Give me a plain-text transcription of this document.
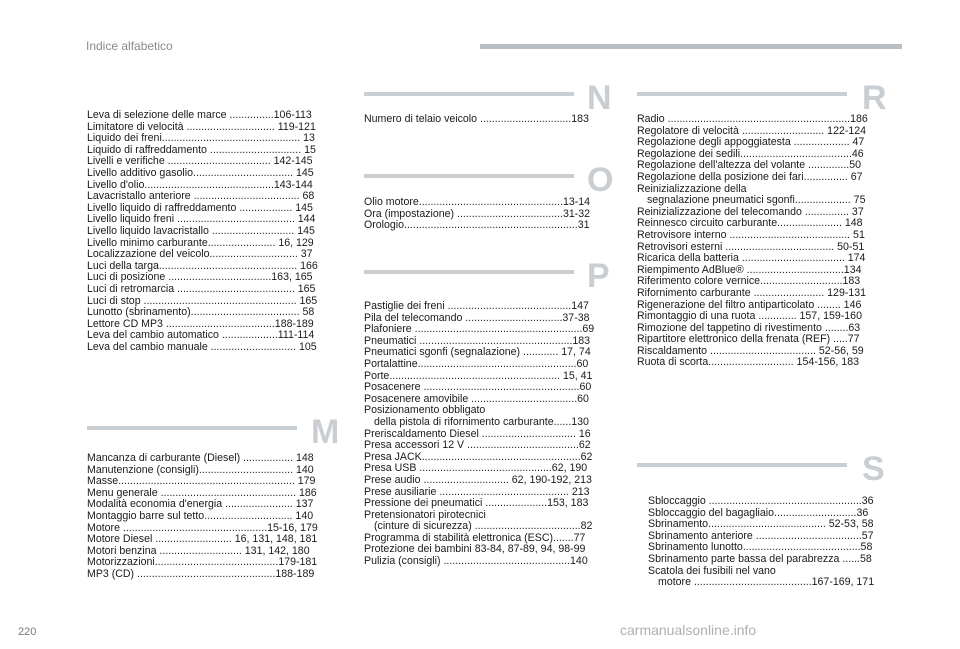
Indice alfabetico
Leva di selezione delle marce ...............106-113
Limitatore di velocità .............................. 119-121
Liquido dei freni............................................... 13
Liquido di raffreddamento ............................... 15
Livelli e verifiche ................................... 142-145
Livello additivo gasolio.................................. 145
Livello d'olio............................................143-144
Lavacristallo anteriore .................................... 68
Livello liquido di raffreddamento .................. 145
Livello liquido freni ........................................ 144
Livello liquido lavacristallo ............................ 145
Livello minimo carburante....................... 16, 129
Localizzazione del veicolo.............................. 37
Luci della targa............................................... 166
Luci di posizione ...................................163, 165
Luci di retromarcia ........................................ 165
Luci di stop .................................................... 165
Lunotto (sbrinamento)..................................... 58
Lettore CD MP3 .....................................188-189
Leva del cambio automatico ...................111-114
Leva del cambio manuale ............................. 105
M
Mancanza di carburante (Diesel) ................. 148
Manutenzione (consigli)................................ 140
Masse............................................................ 179
Menu generale .............................................. 186
Modalità economia d'energia ....................... 137
Montaggio barre sul tetto.............................. 140
Motore .................................................15-16, 179
Motore Diesel .......................... 16, 131, 148, 181
Motori benzina ............................ 131, 142, 180
Motorizzazioni..........................................179-181
MP3 (CD) ...............................................188-189
N
Numero di telaio veicolo ...............................183
O
Olio motore.................................................13-14
Ora (impostazione) ....................................31-32
Orologio...........................................................31
P
Pastiglie dei freni ..........................................147
Pila del telecomando .................................37-38
Plafoniere .........................................................69
Pneumatici ....................................................183
Pneumatici sgonfi (segnalazione) ............ 17, 74
Portalattine......................................................60
Porte.......................................................... 15, 41
Posacenere .....................................................60
Posacenere amovibile ....................................60
Posizionamento obbligato
della pistola di rifornimento carburante......130
Preriscaldamento Diesel ................................ 16
Presa accessori 12 V ......................................62
Presa JACK......................................................62
Presa USB .............................................62, 190
Prese audio ............................. 62, 190-192, 213
Prese ausiliarie ............................................ 213
Pressione dei pneumatici .....................153, 183
Pretensionatori pirotecnici
(cinture di sicurezza) ....................................82
Programma di stabilità elettronica (ESC).......77
Protezione dei bambini 83-84, 87-89, 94, 98-99
Pulizia (consigli) ...........................................140
R
Radio ..............................................................186
Regolatore di velocità ............................ 122-124
Regolazione degli appoggiatesta ................... 47
Regolazione dei sedili......................................46
Regolazione dell'altezza del volante ..............50
Regolazione della posizione dei fari............... 67
Reinizializzazione della
segnalazione pneumatici sgonfi................... 75
Reinizializzazione del telecomando ............... 37
Reinnesco circuito carburante...................... 148
Retrovisore interno ......................................... 51
Retrovisori esterni ..................................... 50-51
Ricarica della batteria ................................... 174
Riempimento AdBlue® .................................134
Riferimento colore vernice............................183
Rifornimento carburante ........................ 129-131
Rigenerazione del filtro antiparticolato ........ 146
Rimontaggio di una ruota ............. 157, 159-160
Rimozione del tappetino di rivestimento ........63
Ripartitore elettronico della frenata (REF) .....77
Riscaldamento .................................... 52-56, 59
Ruota di scorta............................. 154-156, 183
S
Sbloccaggio ....................................................36
Sbloccaggio del bagagliaio............................36
Sbrinamento........................................ 52-53, 58
Sbrinamento anteriore ....................................57
Sbrinamento lunotto........................................58
Sbrinamento parte bassa del parabrezza ......58
Scatola dei fusibili nel vano
motore ........................................167-169, 171
220	carmanualsonline.info
